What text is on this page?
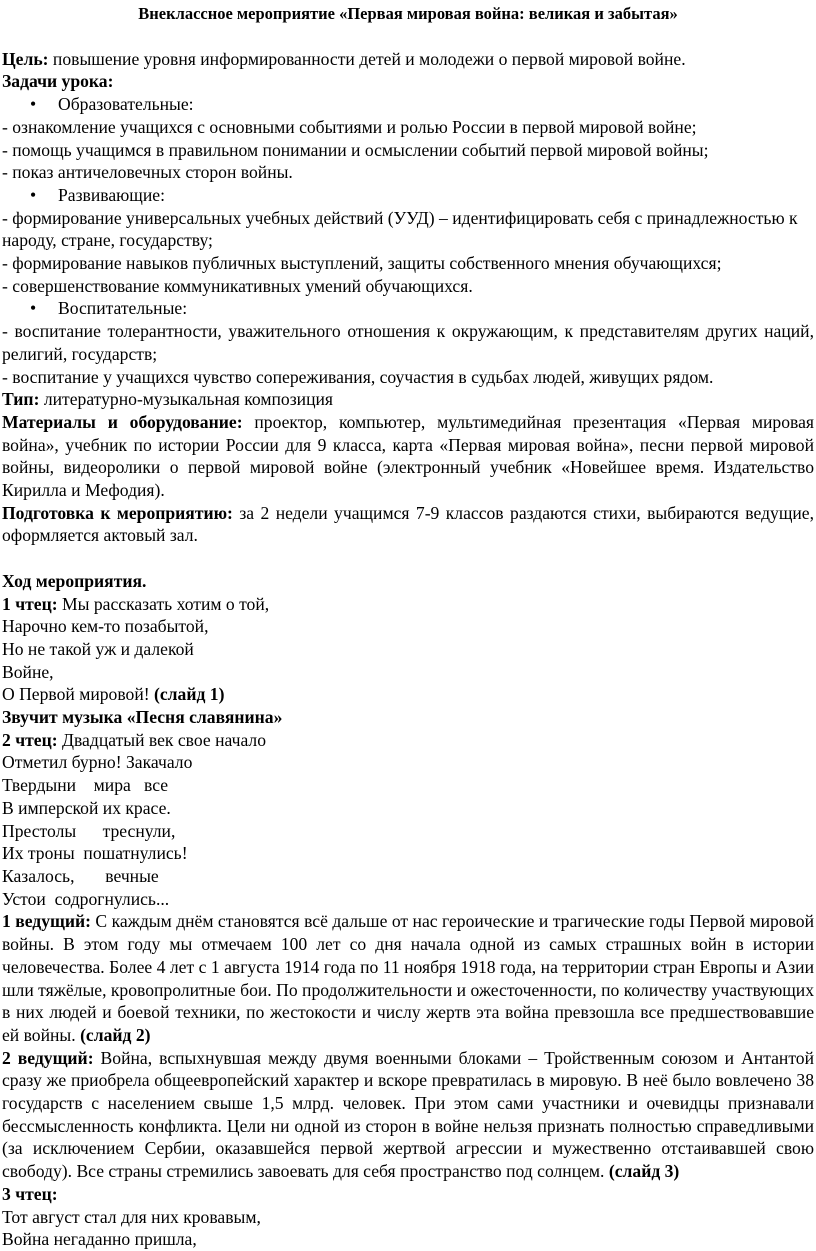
Внеклассное мероприятие «Первая мировая война: великая и забытая»

Цель: повышение уровня информированности детей и молодежи о первой мировой войне.

Задачи урока:

• Образовательные:

- ознакомление учащихся с основными событиями и ролью России в первой мировой войне;

- помощь учащимся в правильном понимании и осмыслении событий первой мировой войны;

- показ античеловечных сторон войны.

• Развивающие:

- формирование универсальных учебных действий (УУД) – идентифицировать себя с принадлежностью к народу, стране, государству;

- формирование навыков публичных выступлений, защиты собственного мнения обучающихся;

- совершенствование коммуникативных умений обучающихся.

• Воспитательные:

- воспитание толерантности, уважительного отношения к окружающим, к представителям других наций, религий, государств;

- воспитание у учащихся чувство сопереживания, соучастия в судьбах людей, живущих рядом.

Тип: литературно-музыкальная композиция

Материалы и оборудование: проектор, компьютер, мультимедийная презентация «Первая мировая война», учебник по истории России для 9 класса, карта «Первая мировая война», песни первой мировой войны, видеоролики о первой мировой войне (электронный учебник «Новейшее время. Издательство Кирилла и Мефодия).

Подготовка к мероприятию: за 2 недели учащимся 7-9 классов раздаются стихи, выбираются ведущие, оформляется актовый зал.

Ход мероприятия.

1 чтец: Мы рассказать хотим о той,

Нарочно кем-то позабытой,

Но не такой уж и далекой

Войне,

О Первой мировой! (слайд 1)

Звучит музыка «Песня славянина»

2 чтец: Двадцатый век свое начало

Отметил бурно! Закачало

Твердыни    мира   все

В имперской их красе.

Престолы      треснули,

Их троны  пошатнулись!

Казалось,       вечные

Устои  содрогнулись...

1 ведущий: С каждым днём становятся всё дальше от нас героические и трагические годы Первой мировой войны. В этом году мы отмечаем 100 лет со дня начала одной из самых страшных войн в истории человечества. Более 4 лет с 1 августа 1914 года по 11 ноября 1918 года, на территории стран Европы и Азии шли тяжёлые, кровопролитные бои. По продолжительности и ожесточенности, по количеству участвующих в них людей и боевой техники, по жестокости и числу жертв эта война превзошла все предшествовавшие ей войны. (слайд 2)

2 ведущий: Война, вспыхнувшая между двумя военными блоками – Тройственным союзом и Антантой сразу же приобрела общеевропейский характер и вскоре превратилась в мировую. В неё было вовлечено 38 государств с населением свыше 1,5 млрд. человек. При этом сами участники и очевидцы признавали бессмысленность конфликта. Цели ни одной из сторон в войне нельзя признать полностью справедливыми (за исключением Сербии, оказавшейся первой жертвой агрессии и мужественно отстаивавшей свою свободу). Все страны стремились завоевать для себя пространство под солнцем. (слайд 3)

3 чтец:

Тот август стал для них кровавым,

Война негаданно пришла,
